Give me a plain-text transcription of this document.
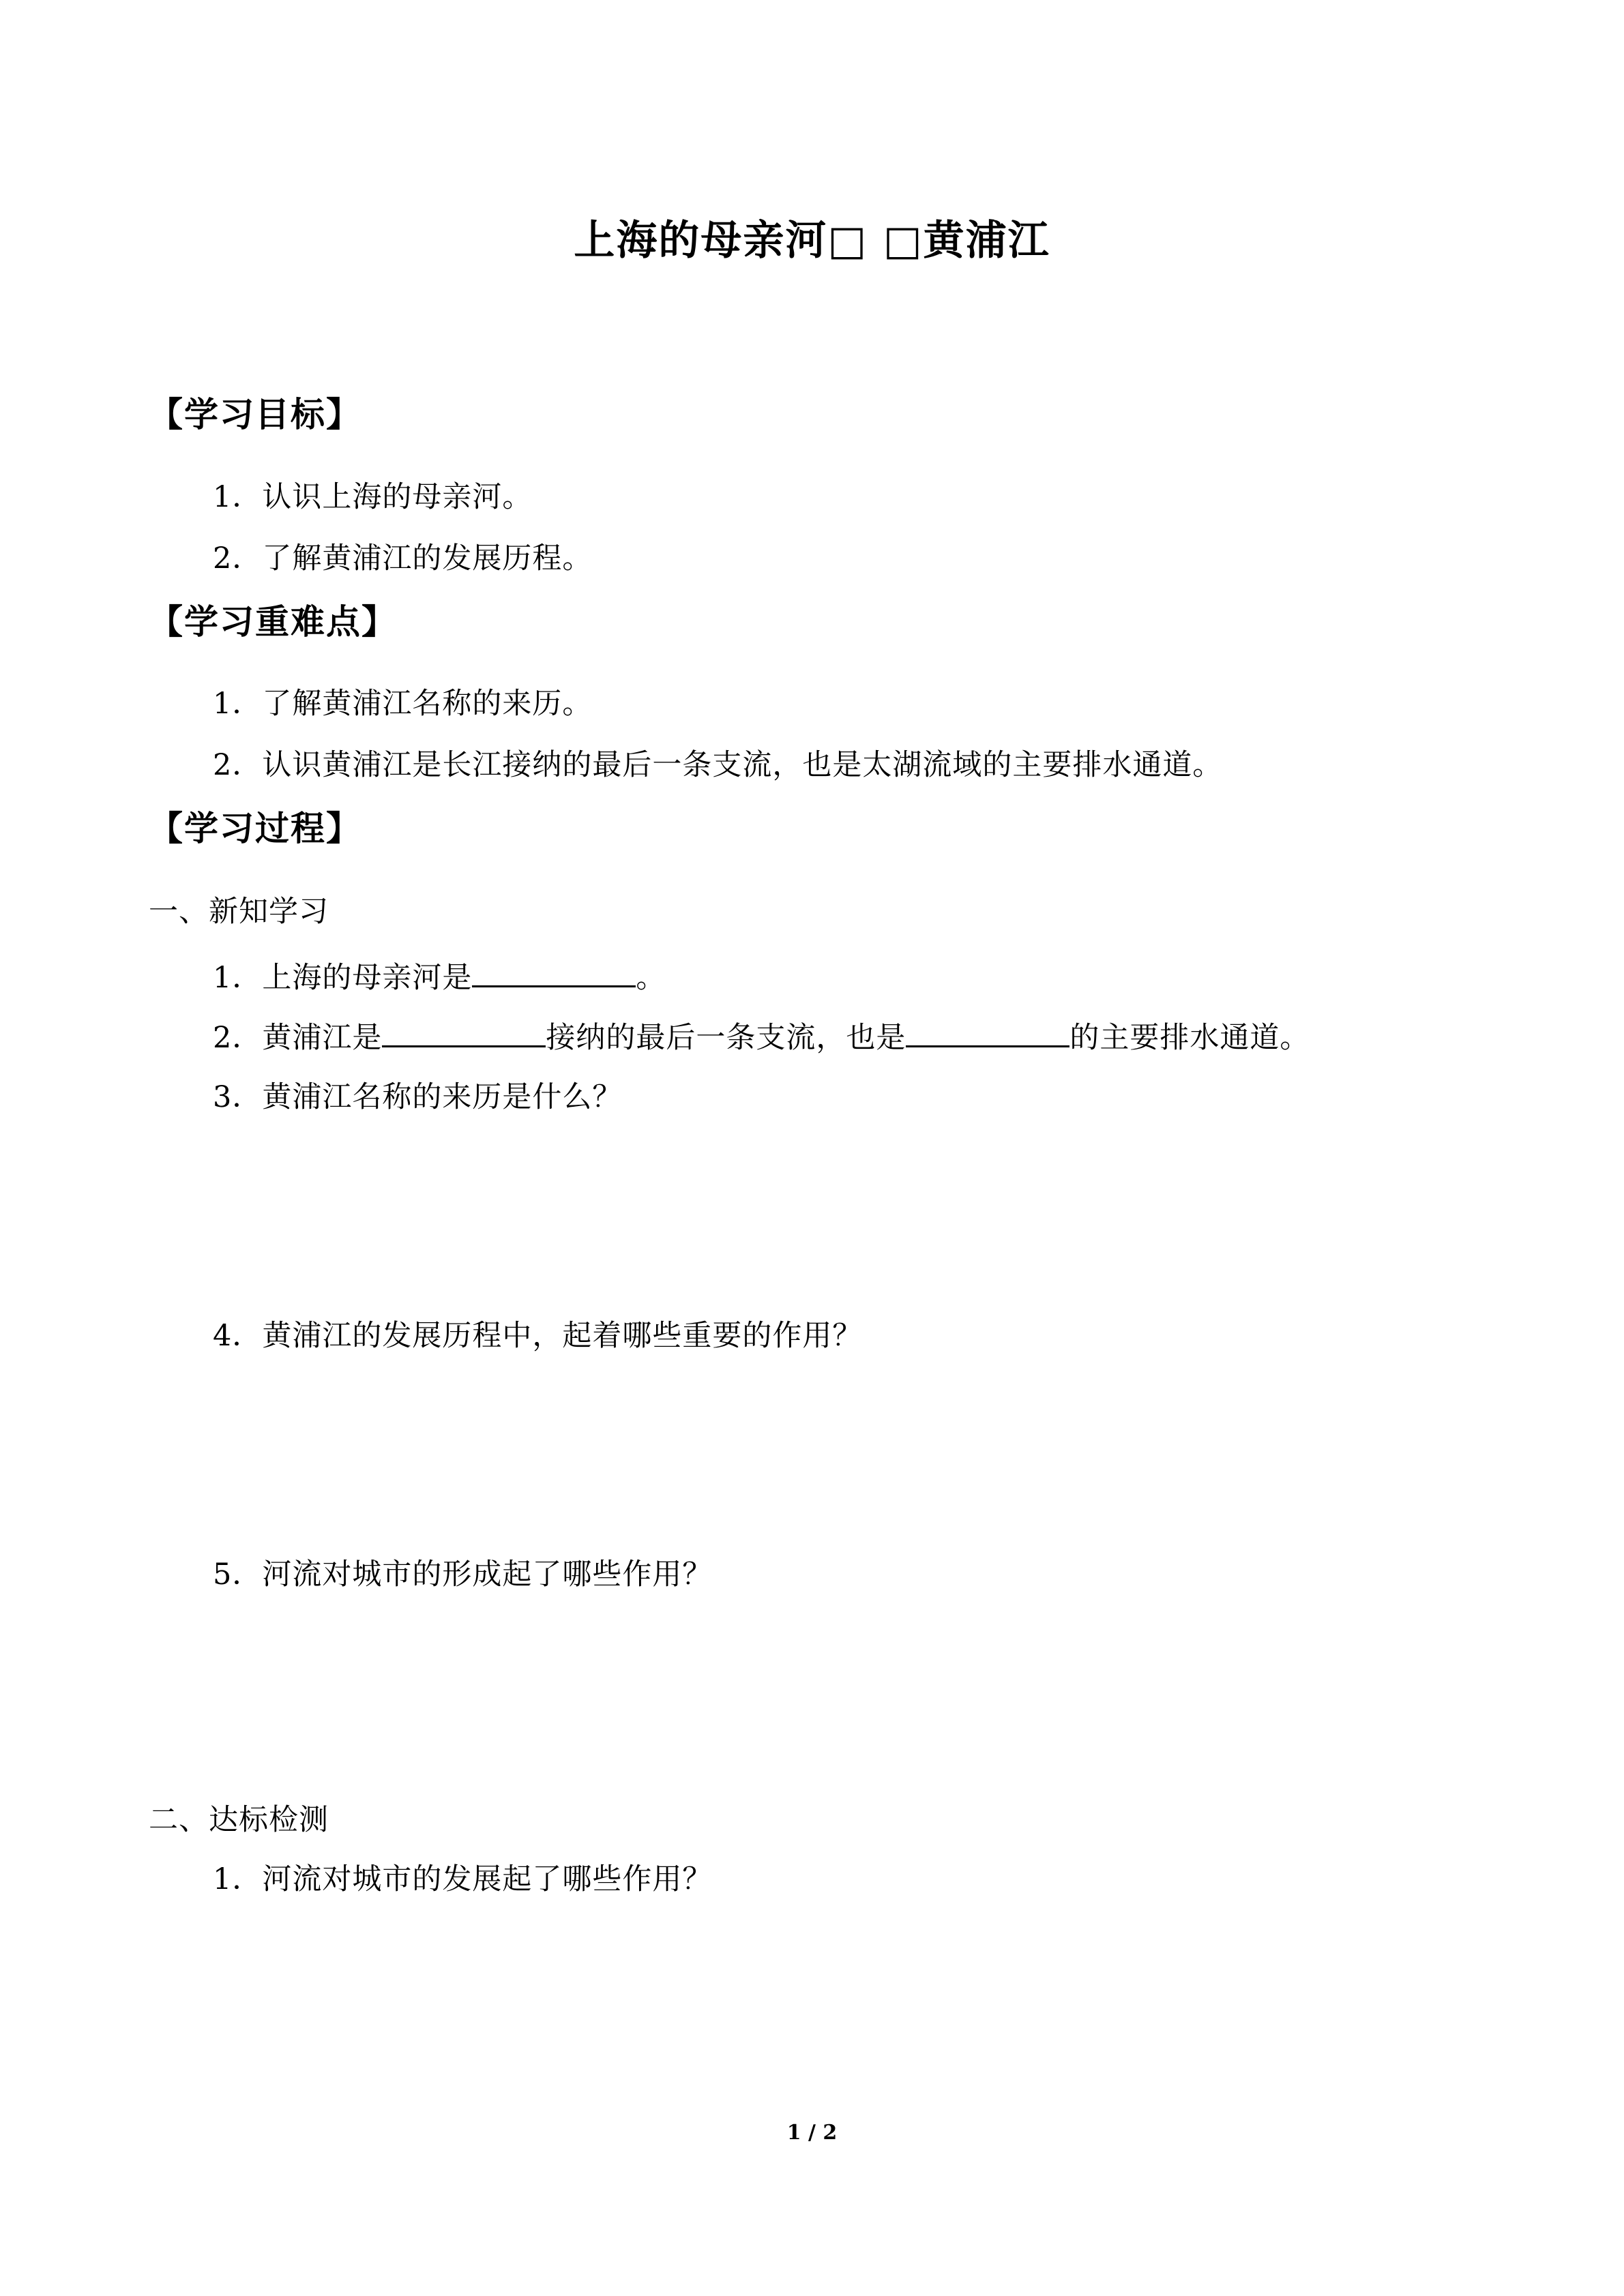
上海的母亲河□ □黄浦江
【学习目标】
1．认识上海的母亲河。
2．了解黄浦江的发展历程。
【学习重难点】
1．了解黄浦江名称的来历。
2．认识黄浦江是长江接纳的最后一条支流，也是太湖流域的主要排水通道。
【学习过程】
一、新知学习
1．上海的母亲河是	。
2．黄浦江是	接纳的最后一条支流，也是	的主要排水通道。
3．黄浦江名称的来历是什么？
4．黄浦江的发展历程中，起着哪些重要的作用？
5．河流对城市的形成起了哪些作用？
二、达标检测
1．河流对城市的发展起了哪些作用？
1 / 2
